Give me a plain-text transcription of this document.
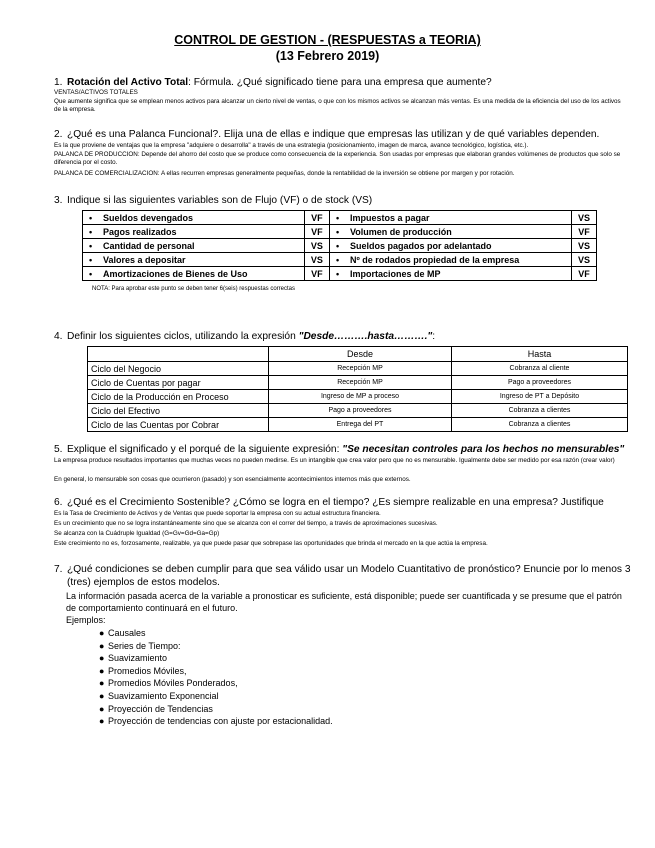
CONTROL DE GESTION - (RESPUESTAS a TEORIA)
(13 Febrero 2019)
1. Rotación del Activo Total: Fórmula. ¿Qué significado tiene para una empresa que aumente?
VENTAS/ACTIVOS TOTALES
Que aumente significa que se emplean menos activos para alcanzar un cierto nivel de ventas, o que con los mismos activos se alcanzan más ventas. Es una medida de la eficiencia del uso de los activos de la empresa.
2. ¿Qué es una Palanca Funcional?. Elija una de ellas e indique que empresas las utilizan y de qué variables dependen.
Es la que proviene de ventajas que la empresa "adquiere o desarrolla" a través de una estrategia (posicionamiento, imagen de marca, avance tecnológico, logística, etc.).
PALANCA DE PRODUCCION: Depende del ahorro del costo que se produce como consecuencia de la experiencia. Son usadas por empresas que elaboran grandes volúmenes de productos que solo se diferencia por el costo.
PALANCA DE COMERCIALIZACION: A ellas recurren empresas generalmente pequeñas, donde la rentabilidad de la inversión se obtiene por margen y por rotación.
3. Indique si las siguientes variables son de Flujo (VF) o de stock (VS)
• Sueldos devengados	VF	• Impuestos a pagar	VS
• Pagos realizados	VF	• Volumen de producción	VF
• Cantidad de personal	VS	• Sueldos pagados por adelantado	VS
• Valores a depositar	VS	• Nº de rodados propiedad de la empresa	VS
• Amortizaciones de Bienes de Uso	VF	• Importaciones de MP	VF
NOTA: Para aprobar este punto se deben tener 6(seis) respuestas correctas
4. Definir los siguientes ciclos, utilizando la expresión "Desde……….hasta……….":
	Desde	Hasta
Ciclo del Negocio	Recepción MP	Cobranza al cliente
Ciclo de Cuentas por pagar	Recepción MP	Pago a proveedores
Ciclo de la Producción en Proceso	Ingreso de MP a proceso	Ingreso de PT a Depósito
Ciclo del Efectivo	Pago a proveedores	Cobranza a clientes
Ciclo de las Cuentas por Cobrar	Entrega del PT	Cobranza a clientes
5. Explique el significado y el porqué de la siguiente expresión: "Se necesitan controles para los hechos no mensurables"
La empresa produce resultados importantes que muchas veces no pueden medirse. Es un intangible que crea valor pero que no es mensurable. Igualmente debe ser medido por esa razón (crear valor)
En general, lo mensurable son cosas que ocurrieron (pasado) y son esencialmente acontecimientos internos más que externos.
6. ¿Qué es el Crecimiento Sostenible? ¿Cómo se logra en el tiempo? ¿Es siempre realizable en una empresa? Justifique
Es la Tasa de Crecimiento de Activos y de Ventas que puede soportar la empresa con su actual estructura financiera.
Es un crecimiento que no se logra instantáneamente sino que se alcanza con el correr del tiempo, a través de aproximaciones sucesivas.
Se alcanza con la Cuádruple Igualdad (G=Gv=Gd=Ga=Gp)
Este crecimiento no es, forzosamente, realizable, ya que puede pasar que sobrepase las oportunidades que brinda el mercado en la que actúa la empresa.
7. ¿Qué condiciones se deben cumplir para que sea válido usar un Modelo Cuantitativo de pronóstico? Enuncie por lo menos 3
(tres) ejemplos de estos modelos.
La información pasada acerca de la variable a pronosticar es suficiente, está disponible; puede ser cuantificada y se presume que el patrón de comportamiento continuará en el futuro.
Ejemplos:
● Causales
● Series de Tiempo:
● Suavizamiento
● Promedios Móviles,
● Promedios Móviles Ponderados,
● Suavizamiento Exponencial
● Proyección de Tendencias
● Proyección de tendencias con ajuste por estacionalidad.
